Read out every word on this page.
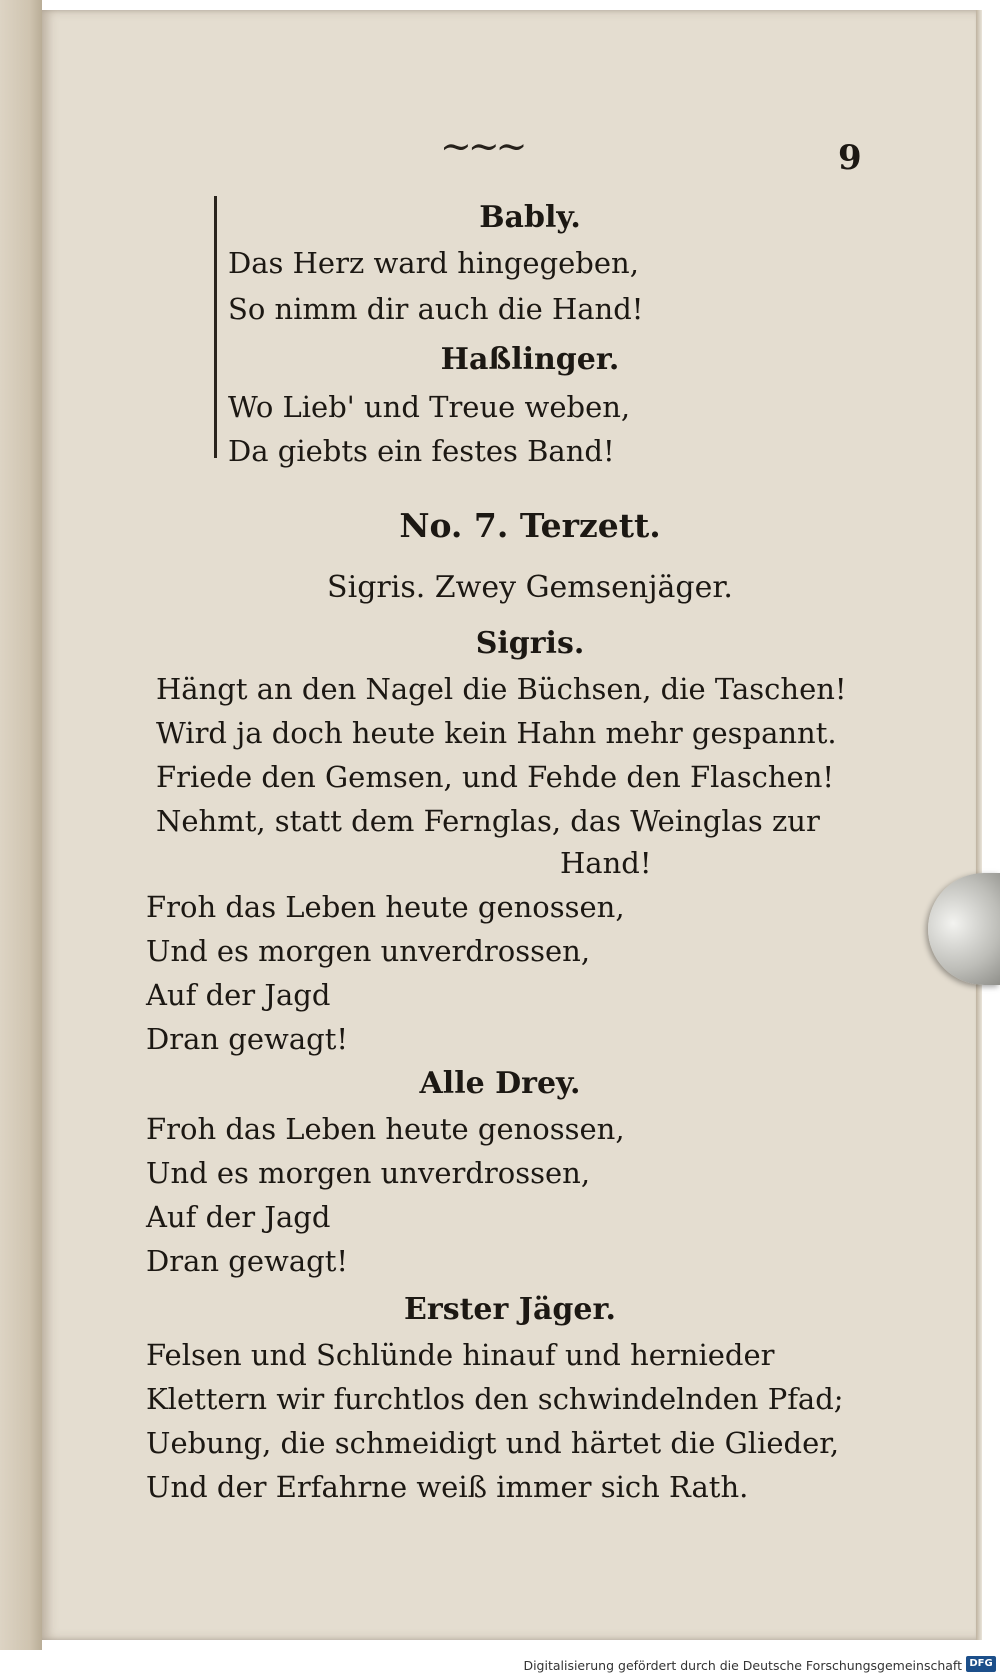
~~~	9
Bably.
Das Herz ward hingegeben,
So nimm dir auch die Hand!
Haßlinger.
Wo Lieb' und Treue weben,
Da giebts ein festes Band!
No. 7. Terzett.
Sigris. Zwey Gemsenjäger.
Sigris.
Hängt an den Nagel die Büchsen, die Taschen!
Wird ja doch heute kein Hahn mehr gespannt.
Friede den Gemsen, und Fehde den Flaschen!
Nehmt, statt dem Fernglas, das Weinglas zur
Hand!
Froh das Leben heute genossen,
Und es morgen unverdrossen,
Auf der Jagd
Dran gewagt!
Alle Drey.
Froh das Leben heute genossen,
Und es morgen unverdrossen,
Auf der Jagd
Dran gewagt!
Erster Jäger.
Felsen und Schlünde hinauf und hernieder
Klettern wir furchtlos den schwindelnden Pfad;
Uebung, die schmeidigt und härtet die Glieder,
Und der Erfahrne weiß immer sich Rath.
Digitalisierung gefördert durch die Deutsche Forschungsgemeinschaft DFG
